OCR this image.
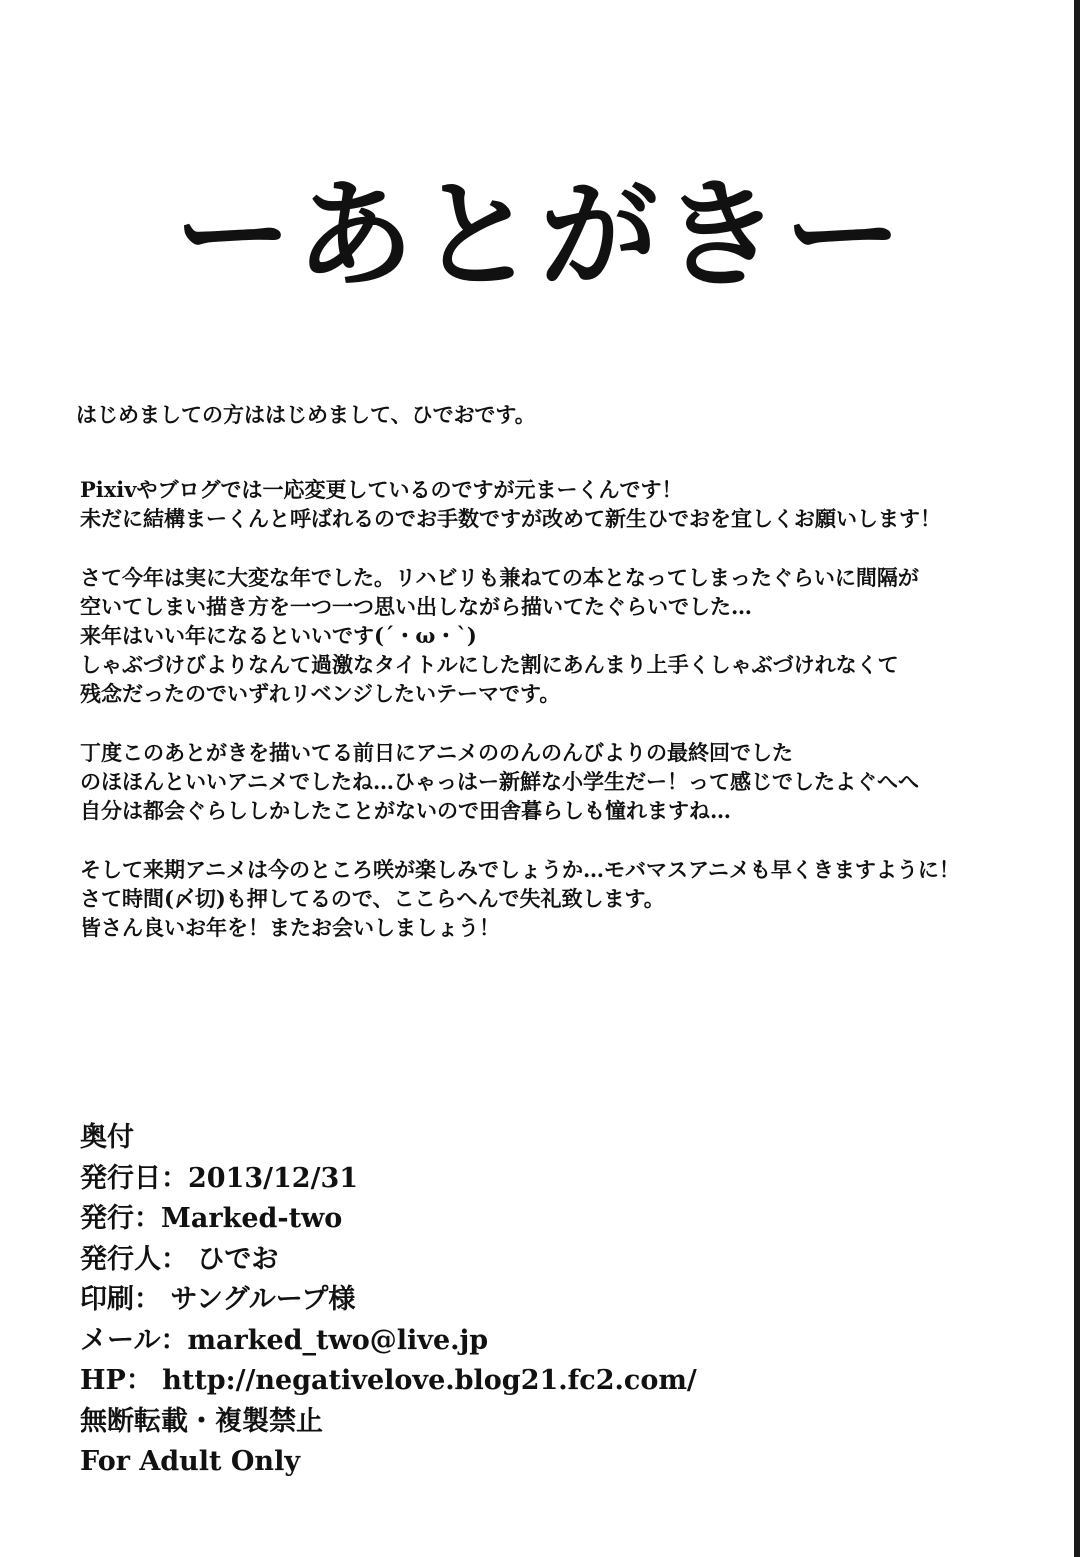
ーあとがきー
はじめましての方ははじめまして、ひでおです。
Pixivやブログでは一応変更しているのですが元まーくんです！
未だに結構まーくんと呼ばれるのでお手数ですが改めて新生ひでおを宜しくお願いします！
さて今年は実に大変な年でした。リハビリも兼ねての本となってしまったぐらいに間隔が
空いてしまい描き方を一つ一つ思い出しながら描いてたぐらいでした…
来年はいい年になるといいです(´・ω・`)
しゃぶづけびよりなんて過激なタイトルにした割にあんまり上手くしゃぶづけれなくて
残念だったのでいずれリベンジしたいテーマです。
丁度このあとがきを描いてる前日にアニメののんのんびよりの最終回でした
のほほんといいアニメでしたね…ひゃっはー新鮮な小学生だー！って感じでしたよぐへへ
自分は都会ぐらししかしたことがないので田舎暮らしも憧れますね…
そして来期アニメは今のところ咲が楽しみでしょうか…モバマスアニメも早くきますように！
さて時間(〆切)も押してるので、ここらへんで失礼致します。
皆さん良いお年を！またお会いしましょう！
奥付
発行日：2013/12/31
発行：Marked-two
発行人： ひでお
印刷： サングループ様
メール：marked_two@live.jp
HP： http://negativelove.blog21.fc2.com/
無断転載・複製禁止
For Adult Only
